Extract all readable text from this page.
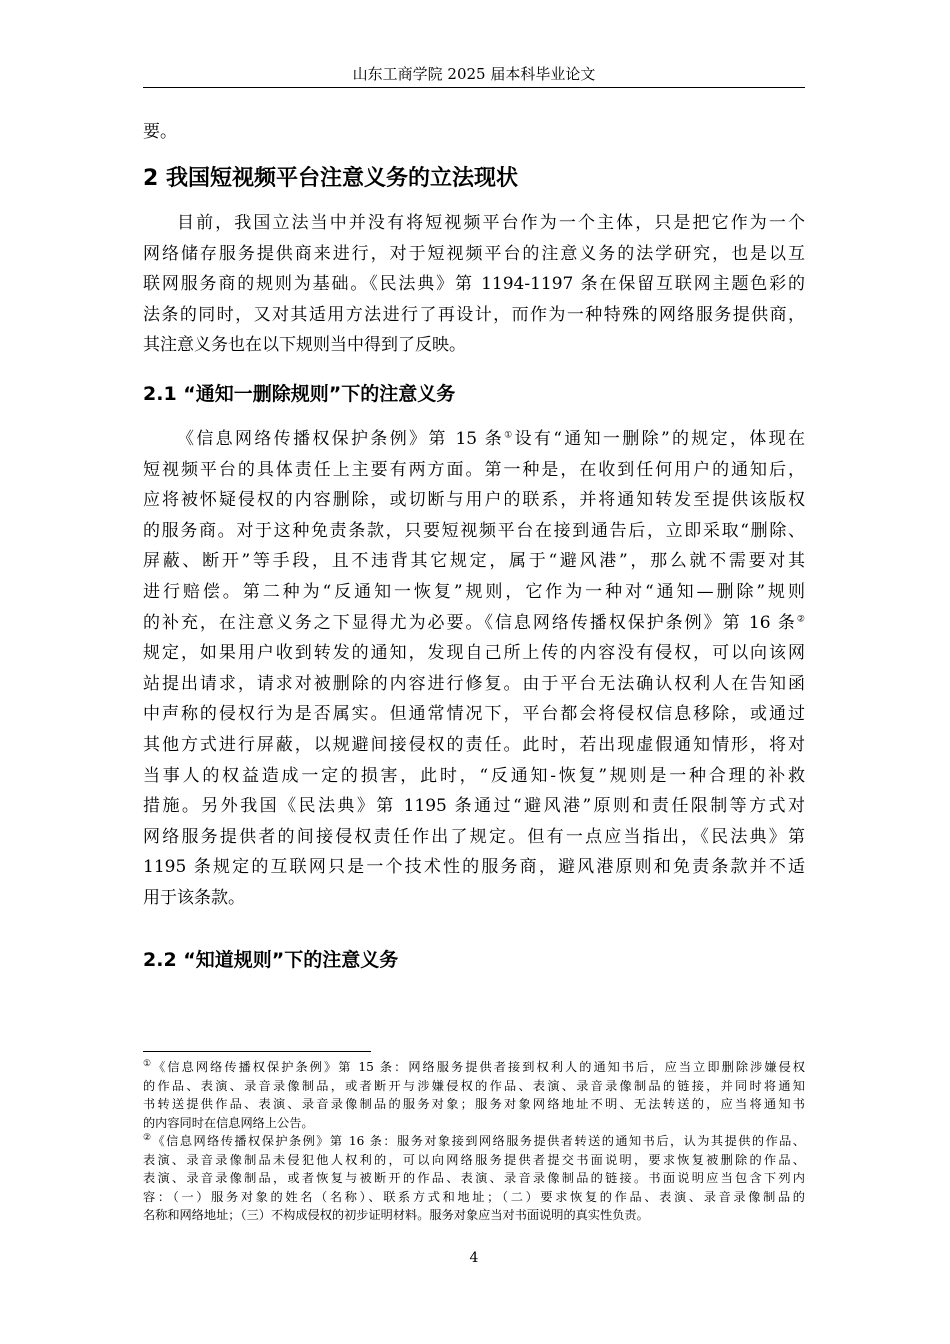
山东工商学院 2025 届本科毕业论文
要。
2 我国短视频平台注意义务的立法现状
目前，我国立法当中并没有将短视频平台作为一个主体，只是把它作为一个
网络储存服务提供商来进行，对于短视频平台的注意义务的法学研究，也是以互
联网服务商的规则为基础。《民法典》第 1194-1197 条在保留互联网主题色彩的
法条的同时，又对其适用方法进行了再设计，而作为一种特殊的网络服务提供商，
其注意义务也在以下规则当中得到了反映。
2.1 “通知一删除规则”下的注意义务
《信息网络传播权保护条例》第 15 条①设有“通知一删除”的规定，体现在
短视频平台的具体责任上主要有两方面。第一种是，在收到任何用户的通知后，
应将被怀疑侵权的内容删除，或切断与用户的联系，并将通知转发至提供该版权
的服务商。对于这种免责条款，只要短视频平台在接到通告后，立即采取“删除、
屏蔽、断开”等手段，且不违背其它规定，属于“避风港”，那么就不需要对其
进行赔偿。第二种为“反通知一恢复”规则，它作为一种对“通知—删除”规则
的补充，在注意义务之下显得尤为必要。《信息网络传播权保护条例》第 16 条②
规定，如果用户收到转发的通知，发现自己所上传的内容没有侵权，可以向该网
站提出请求，请求对被删除的内容进行修复。由于平台无法确认权利人在告知函
中声称的侵权行为是否属实。但通常情况下，平台都会将侵权信息移除，或通过
其他方式进行屏蔽，以规避间接侵权的责任。此时，若出现虚假通知情形，将对
当事人的权益造成一定的损害，此时，“反通知-恢复”规则是一种合理的补救
措施。另外我国《民法典》第 1195 条通过“避风港”原则和责任限制等方式对
网络服务提供者的间接侵权责任作出了规定。但有一点应当指出，《民法典》第
1195 条规定的互联网只是一个技术性的服务商，避风港原则和免责条款并不适
用于该条款。
2.2 “知道规则”下的注意义务
①《信息网络传播权保护条例》第 15 条：网络服务提供者接到权利人的通知书后，应当立即删除涉嫌侵权
的作品、表演、录音录像制品，或者断开与涉嫌侵权的作品、表演、录音录像制品的链接，并同时将通知
书转送提供作品、表演、录音录像制品的服务对象；服务对象网络地址不明、无法转送的，应当将通知书
的内容同时在信息网络上公告。
②《信息网络传播权保护条例》第 16 条：服务对象接到网络服务提供者转送的通知书后，认为其提供的作品、
表演、录音录像制品未侵犯他人权利的，可以向网络服务提供者提交书面说明，要求恢复被删除的作品、
表演、录音录像制品，或者恢复与被断开的作品、表演、录音录像制品的链接。书面说明应当包含下列内
容：（一）服务对象的姓名（名称）、联系方式和地址；（二）要求恢复的作品、表演、录音录像制品的
名称和网络地址；（三）不构成侵权的初步证明材料。服务对象应当对书面说明的真实性负责。
4
